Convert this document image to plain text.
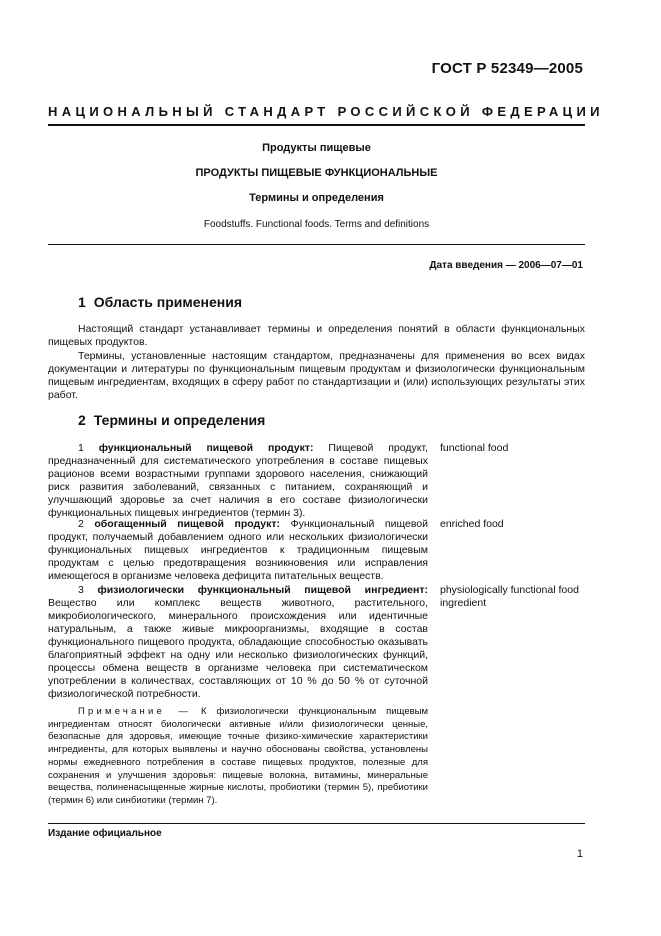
ГОСТ Р 52349—2005
НАЦИОНАЛЬНЫЙ СТАНДАРТ РОССИЙСКОЙ ФЕДЕРАЦИИ
Продукты пищевые
ПРОДУКТЫ ПИЩЕВЫЕ ФУНКЦИОНАЛЬНЫЕ
Термины и определения
Foodstuffs. Functional foods. Terms and definitions
Дата введения — 2006—07—01
1 Область применения
Настоящий стандарт устанавливает термины и определения понятий в области функциональных пищевых продуктов.
Термины, установленные настоящим стандартом, предназначены для применения во всех видах документации и литературы по функциональным пищевым продуктам и физиологически функциональным пищевым ингредиентам, входящих в сферу работ по стандартизации и (или) использующих результаты этих работ.
2 Термины и определения
1 функциональный пищевой продукт: Пищевой продукт, предназначенный для систематического употребления в составе пищевых рационов всеми возрастными группами здорового населения, снижающий риск развития заболеваний, связанных с питанием, сохраняющий и улучшающий здоровье за счет наличия в его составе физиологически функциональных пищевых ингредиентов (термин 3).
functional food
2 обогащенный пищевой продукт: Функциональный пищевой продукт, получаемый добавлением одного или нескольких физиологически функциональных пищевых ингредиентов к традиционным пищевым продуктам с целью предотвращения возникновения или исправления имеющегося в организме человека дефицита питательных веществ.
enriched food
3 физиологически функциональный пищевой ингредиент: Вещество или комплекс веществ животного, растительного, микробиологического, минерального происхождения или идентичные натуральным, а также живые микроорганизмы, входящие в состав функционального пищевого продукта, обладающие способностью оказывать благоприятный эффект на одну или несколько физиологических функций, процессы обмена веществ в организме человека при систематическом употреблении в количествах, составляющих от 10 % до 50 % от суточной физиологической потребности.
physiologically functional food ingredient
Примечание — К физиологически функциональным пищевым ингредиентам относят биологически активные и/или физиологически ценные, безопасные для здоровья, имеющие точные физико-химические характеристики ингредиенты, для которых выявлены и научно обоснованы свойства, установлены нормы ежедневного потребления в составе пищевых продуктов, полезные для сохранения и улучшения здоровья: пищевые волокна, витамины, минеральные вещества, полиненасыщенные жирные кислоты, пробиотики (термин 5), пребиотики (термин 6) или синбиотики (термин 7).
Издание официальное
1
